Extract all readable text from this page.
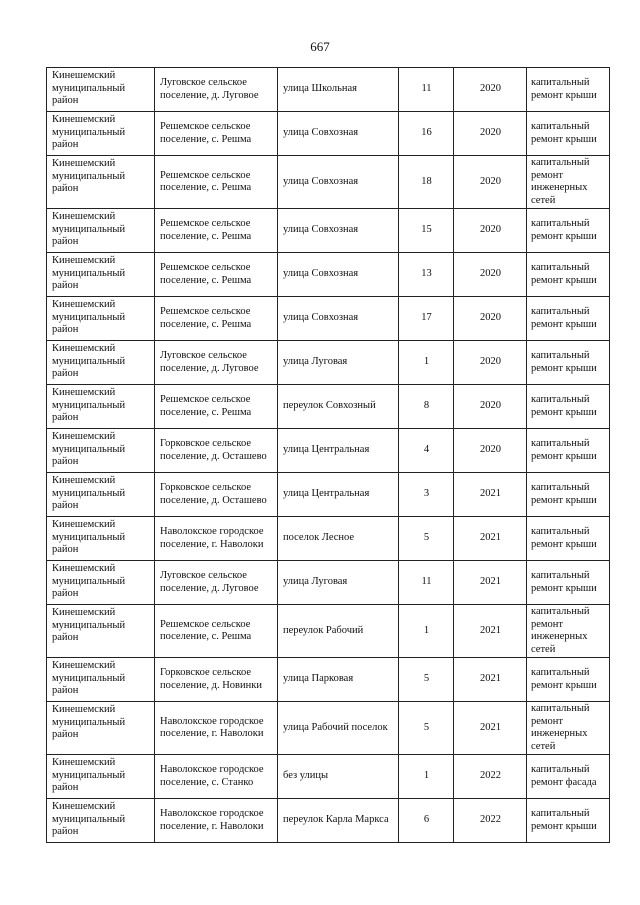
667
Кинешемский муниципальный район	Луговское сельское поселение, д. Луговое	улица Школьная	11	2020	капитальный ремонт крыши
Кинешемский муниципальный район	Решемское сельское поселение, с. Решма	улица Совхозная	16	2020	капитальный ремонт крыши
Кинешемский муниципальный район	Решемское сельское поселение, с. Решма	улица Совхозная	18	2020	капитальный ремонт инженерных сетей
Кинешемский муниципальный район	Решемское сельское поселение, с. Решма	улица Совхозная	15	2020	капитальный ремонт крыши
Кинешемский муниципальный район	Решемское сельское поселение, с. Решма	улица Совхозная	13	2020	капитальный ремонт крыши
Кинешемский муниципальный район	Решемское сельское поселение, с. Решма	улица Совхозная	17	2020	капитальный ремонт крыши
Кинешемский муниципальный район	Луговское сельское поселение, д. Луговое	улица Луговая	1	2020	капитальный ремонт крыши
Кинешемский муниципальный район	Решемское сельское поселение, с. Решма	переулок Совхозный	8	2020	капитальный ремонт крыши
Кинешемский муниципальный район	Горковское сельское поселение, д. Осташево	улица Центральная	4	2020	капитальный ремонт крыши
Кинешемский муниципальный район	Горковское сельское поселение, д. Осташево	улица Центральная	3	2021	капитальный ремонт крыши
Кинешемский муниципальный район	Наволокское городское поселение, г. Наволоки	поселок Лесное	5	2021	капитальный ремонт крыши
Кинешемский муниципальный район	Луговское сельское поселение, д. Луговое	улица Луговая	11	2021	капитальный ремонт крыши
Кинешемский муниципальный район	Решемское сельское поселение, с. Решма	переулок Рабочий	1	2021	капитальный ремонт инженерных сетей
Кинешемский муниципальный район	Горковское сельское поселение, д. Новинки	улица Парковая	5	2021	капитальный ремонт крыши
Кинешемский муниципальный район	Наволокское городское поселение, г. Наволоки	улица Рабочий поселок	5	2021	капитальный ремонт инженерных сетей
Кинешемский муниципальный район	Наволокское городское поселение, с. Станко	без улицы	1	2022	капитальный ремонт фасада
Кинешемский муниципальный район	Наволокское городское поселение, г. Наволоки	переулок Карла Маркса	6	2022	капитальный ремонт крыши
